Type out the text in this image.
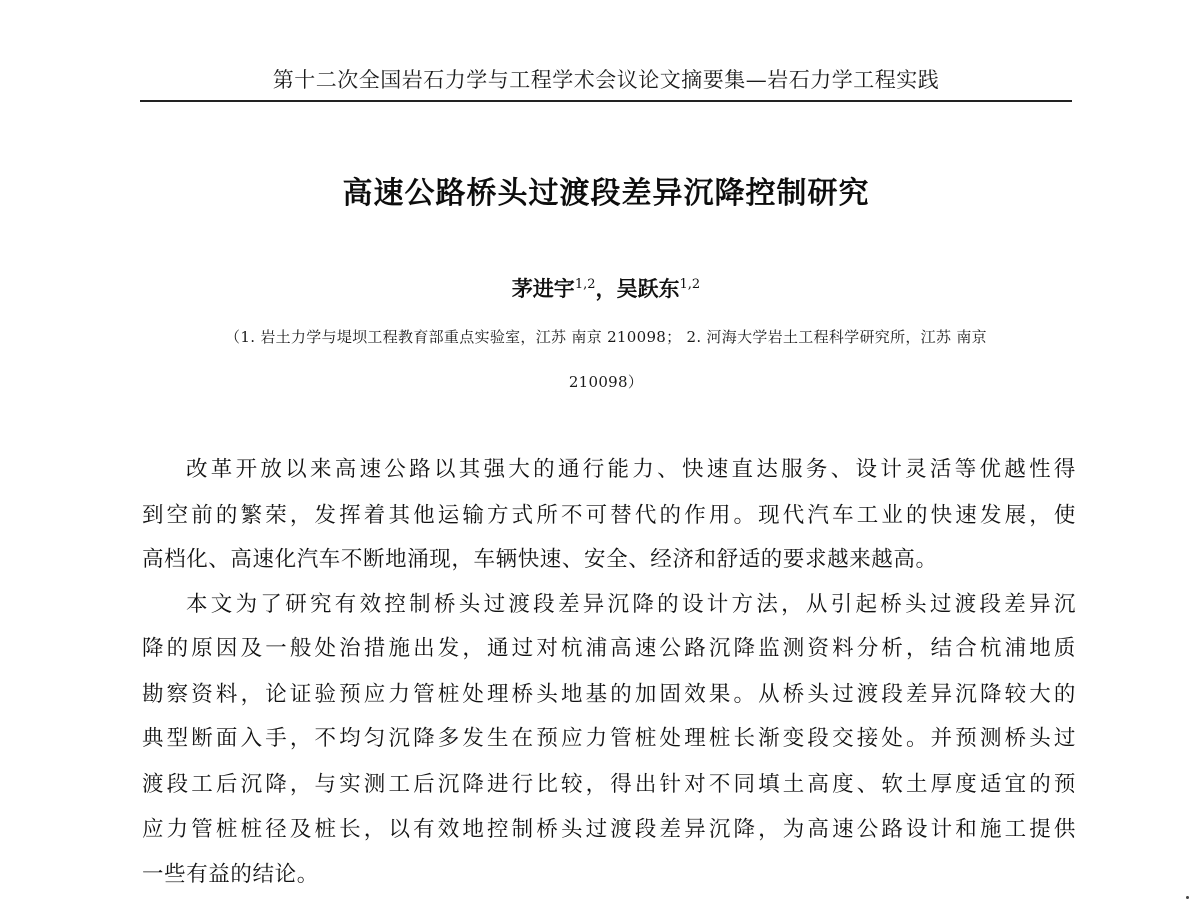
第十二次全国岩石力学与工程学术会议论文摘要集—岩石力学工程实践
高速公路桥头过渡段差异沉降控制研究
茅进宇$^{1,2}$，吴跃东$^{1,2}$
（1. 岩土力学与堤坝工程教育部重点实验室，江苏 南京 210098； 2. 河海大学岩土工程科学研究所，江苏 南京
210098）
改革开放以来高速公路以其强大的通行能力、快速直达服务、设计灵活等优越性得
到空前的繁荣，发挥着其他运输方式所不可替代的作用。现代汽车工业的快速发展，使
高档化、高速化汽车不断地涌现，车辆快速、安全、经济和舒适的要求越来越高。
本文为了研究有效控制桥头过渡段差异沉降的设计方法，从引起桥头过渡段差异沉
降的原因及一般处治措施出发，通过对杭浦高速公路沉降监测资料分析，结合杭浦地质
勘察资料，论证验预应力管桩处理桥头地基的加固效果。从桥头过渡段差异沉降较大的
典型断面入手，不均匀沉降多发生在预应力管桩处理桩长渐变段交接处。并预测桥头过
渡段工后沉降，与实测工后沉降进行比较，得出针对不同填土高度、软土厚度适宜的预
应力管桩桩径及桩长，以有效地控制桥头过渡段差异沉降，为高速公路设计和施工提供
一些有益的结论。
